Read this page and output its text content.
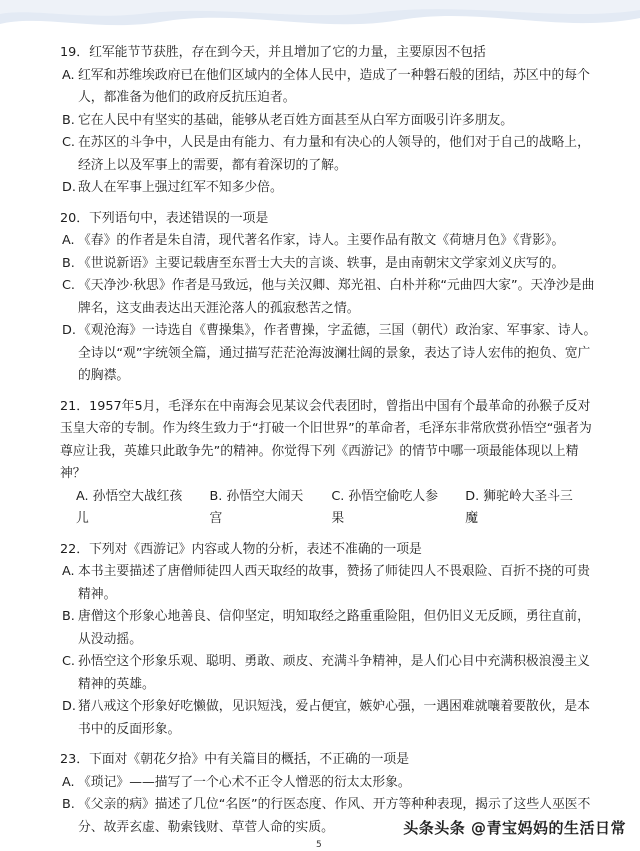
19．红军能节节获胜，存在到今天，并且增加了它的力量，主要原因不包括
A. 红军和苏维埃政府已在他们区域内的全体人民中，造成了一种磐石般的团结，苏区中的每个人，都准备为他们的政府反抗压迫者。
B. 它在人民中有坚实的基础，能够从老百姓方面甚至从白军方面吸引许多朋友。
C. 在苏区的斗争中，人民是由有能力、有力量和有决心的人领导的，他们对于自己的战略上，经济上以及军事上的需要，都有着深切的了解。
D. 敌人在军事上强过红军不知多少倍。
20．下列语句中，表述错误的一项是
A. 《春》的作者是朱自清，现代著名作家，诗人。主要作品有散文《荷塘月色》《背影》。
B. 《世说新语》主要记载唐至东晋士大夫的言谈、轶事，是由南朝宋文学家刘义庆写的。
C. 《天净沙·秋思》作者是马致远，他与关汉卿、郑光祖、白朴并称“元曲四大家”。天净沙是曲牌名，这支曲表达出天涯沦落人的孤寂愁苦之情。
D. 《观沧海》一诗选自《曹操集》，作者曹操，字孟德，三国（朝代）政治家、军事家、诗人。全诗以“观”字统领全篇，通过描写茫茫沧海波澜壮阔的景象，表达了诗人宏伟的抱负、宽广的胸襟。
21．1957年5月，毛泽东在中南海会见某议会代表团时，曾指出中国有个最革命的孙猴子反对玉皇大帝的专制。作为终生致力于“打破一个旧世界”的革命者，毛泽东非常欣赏孙悟空“强者为尊应让我，英雄只此敢争先”的精神。你觉得下列《西游记》的情节中哪一项最能体现以上精神？
A. 孙悟空大战红孩儿
B. 孙悟空大闹天宫
C. 孙悟空偷吃人参果
D. 狮驼岭大圣斗三魔
22．下列对《西游记》内容或人物的分析，表述不准确的一项是
A. 本书主要描述了唐僧师徒四人西天取经的故事，赞扬了师徒四人不畏艰险、百折不挠的可贵精神。
B. 唐僧这个形象心地善良、信仰坚定，明知取经之路重重险阻，但仍旧义无反顾，勇往直前，从没动摇。
C. 孙悟空这个形象乐观、聪明、勇敢、顽皮、充满斗争精神，是人们心目中充满积极浪漫主义精神的英雄。
D. 猪八戒这个形象好吃懒做，见识短浅，爱占便宜，嫉妒心强，一遇困难就嚷着要散伙，是本书中的反面形象。
23．下面对《朝花夕拾》中有关篇目的概括，不正确的一项是
A. 《琐记》——描写了一个心术不正令人憎恶的衍太太形象。
B. 《父亲的病》描述了几位“名医”的行医态度、作风、开方等种种表现，揭示了这些人巫医不分、故弄玄虚、勒索钱财、草菅人命的实质。	头条头条 @青宝妈妈的生活日常
5
